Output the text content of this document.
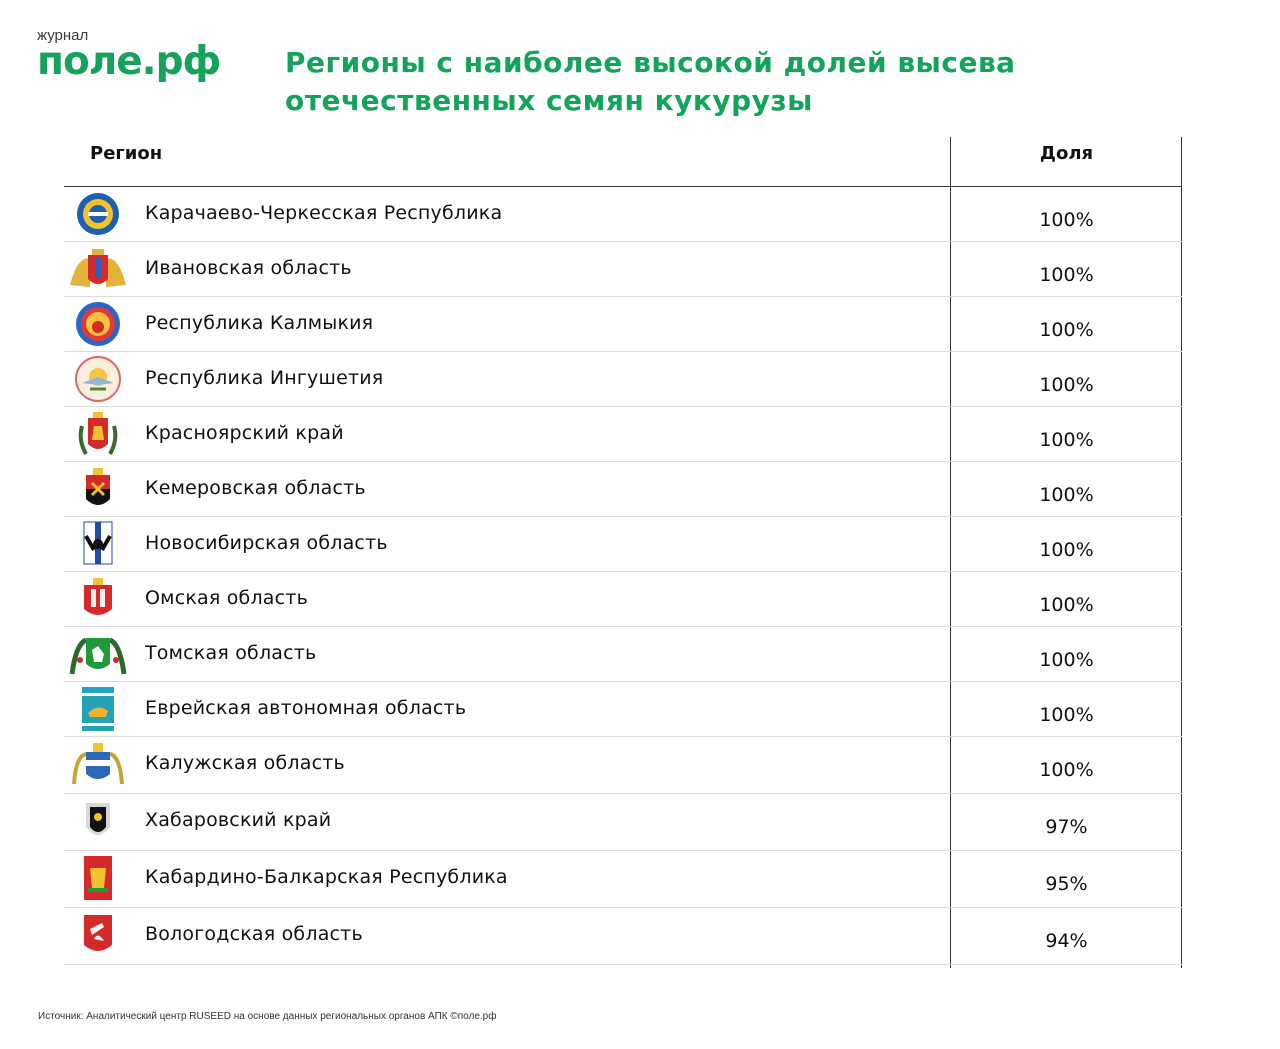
журнал
поле.рф Регионы с наиболее высокой долей высева
отечественных семян кукурузы
Регион	Доля
Карачаево-Черкесская Республика	100%
Ивановская область	100%
Республика Калмыкия	100%
Республика Ингушетия	100%
Красноярский край	100%
Кемеровская область	100%
Новосибирская область	100%
Омская область	100%
Томская область	100%
Еврейская автономная область	100%
Калужская область	100%
Хабаровский край	97%
Кабардино-Балкарская Республика	95%
Вологодская область	94%
Источник: Аналитический центр RUSEED на основе данных региональных органов АПК ©поле.рф
